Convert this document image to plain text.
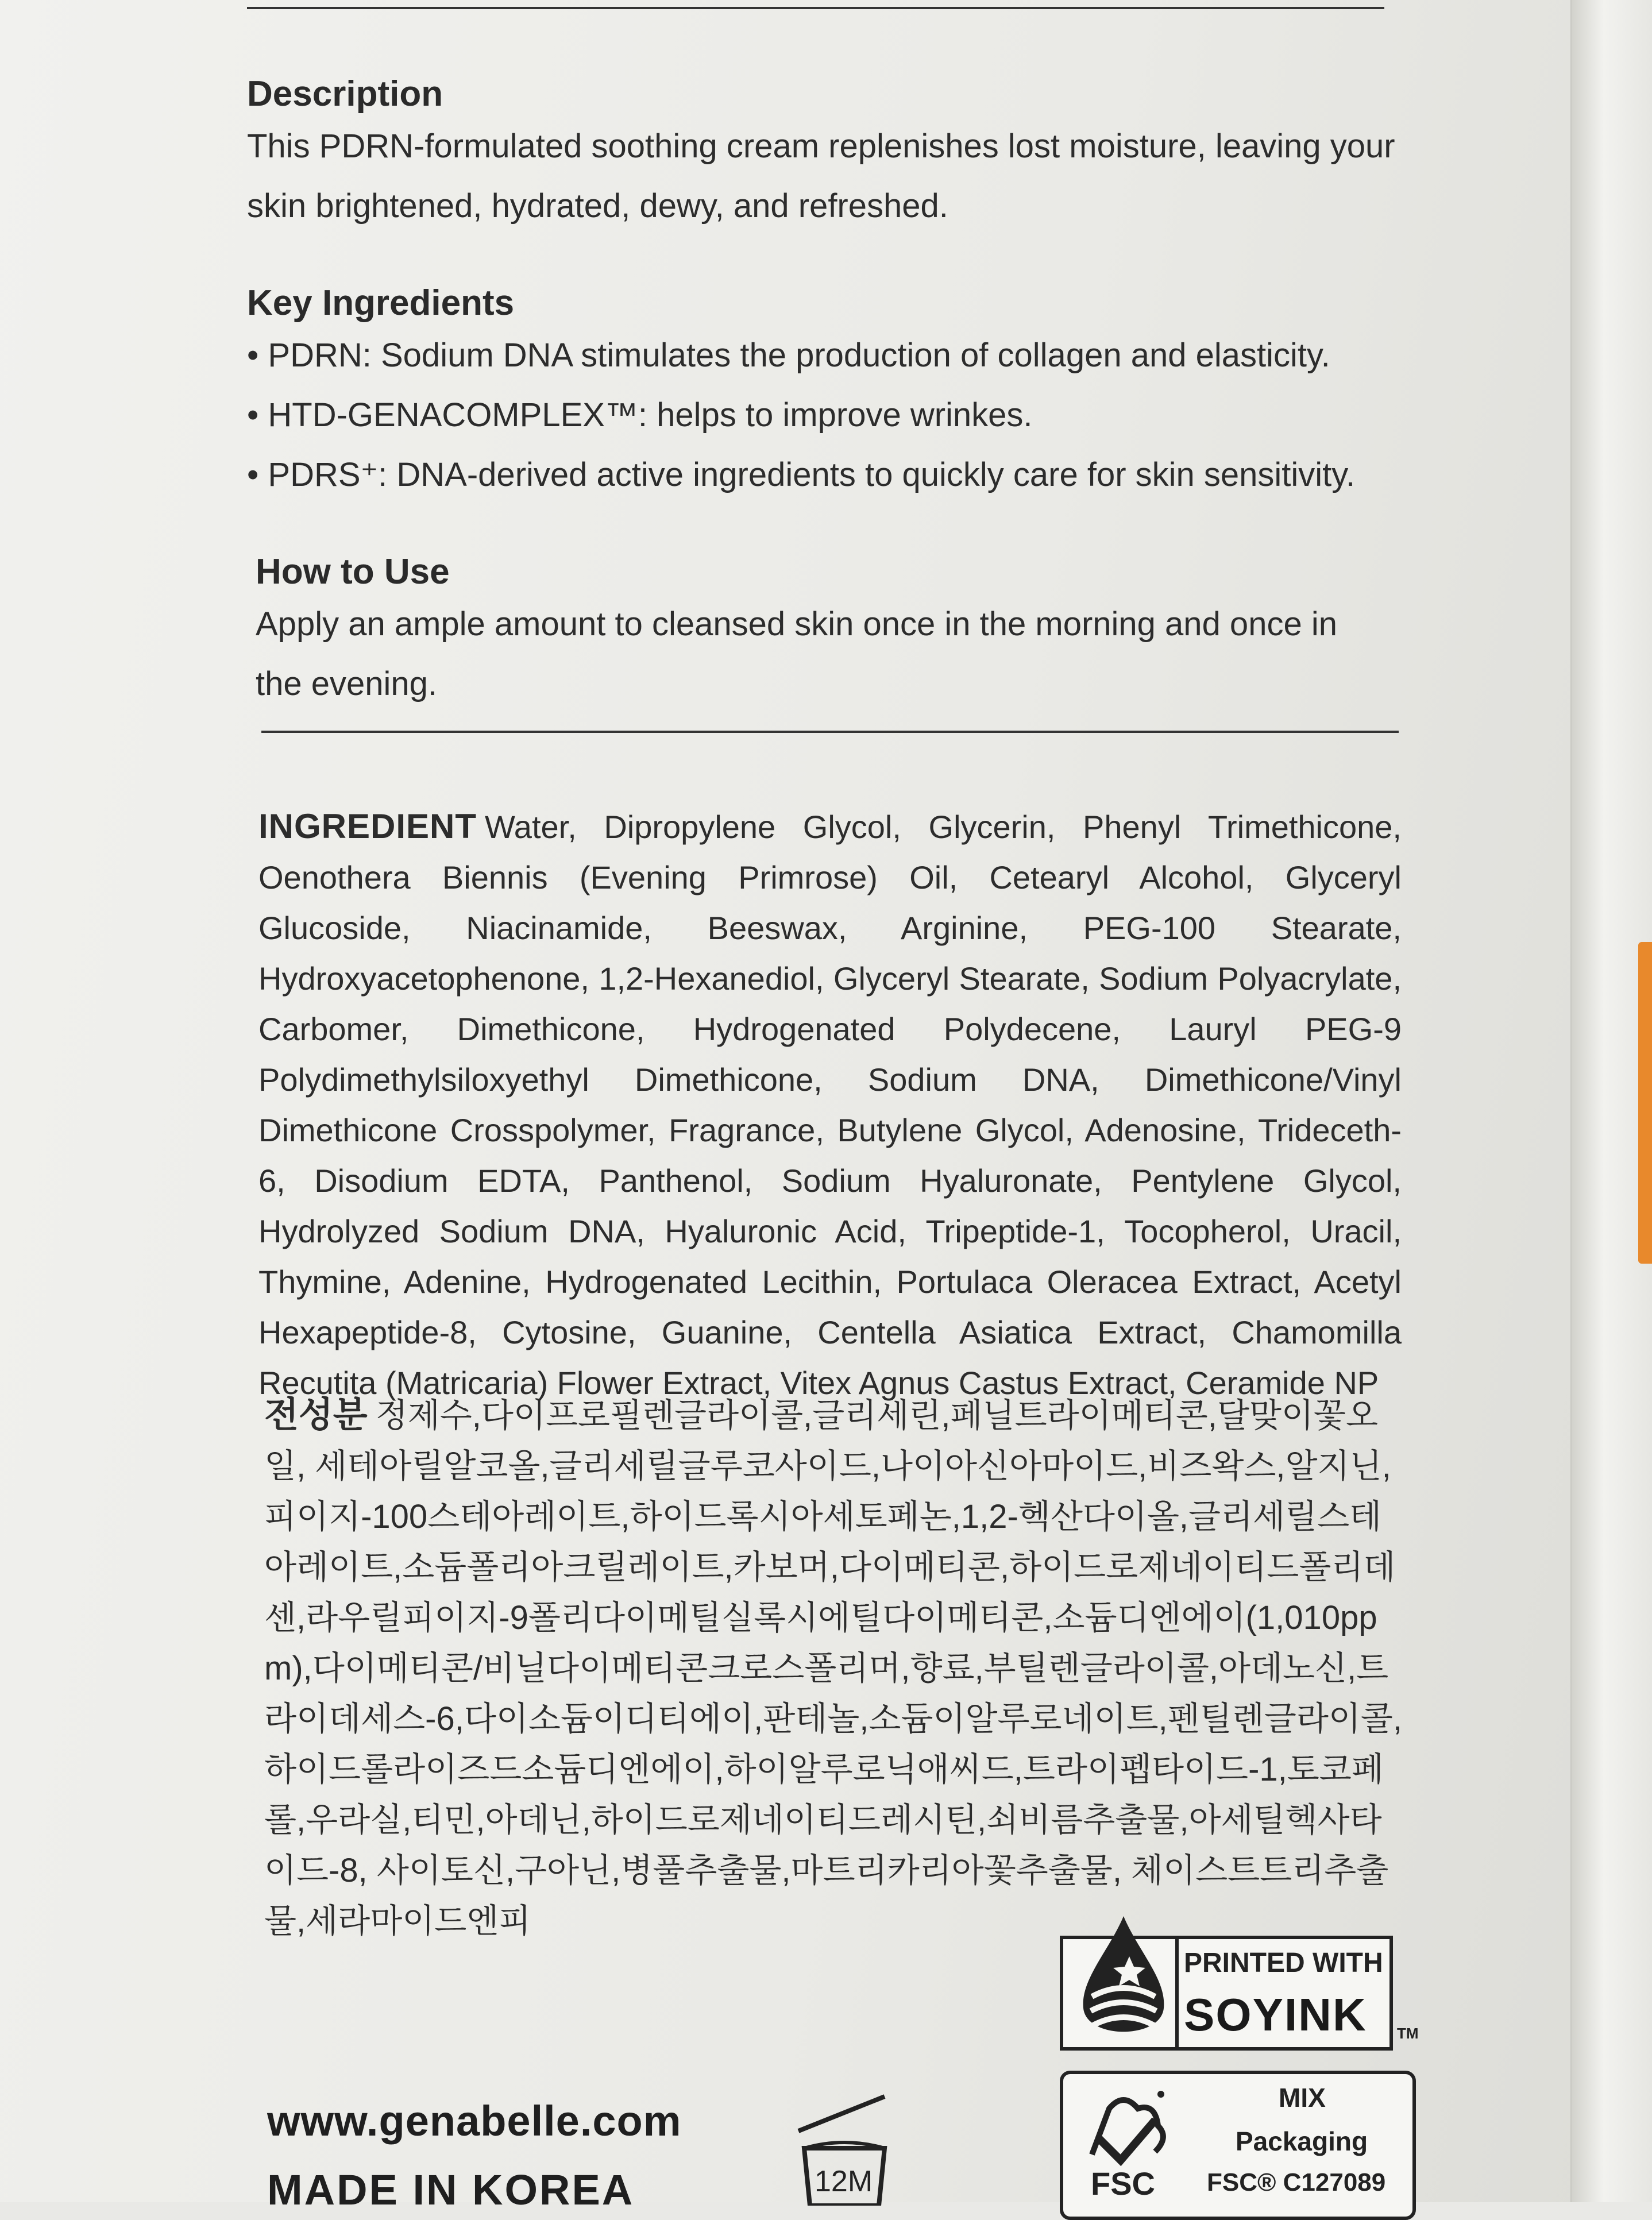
Description

This PDRN-formulated soothing cream replenishes lost moisture, leaving your skin brightened, hydrated, dewy, and refreshed.

Key Ingredients
• PDRN: Sodium DNA stimulates the production of collagen and elasticity.
• HTD-GENACOMPLEX™: helps to improve wrinkes.
• PDRS⁺: DNA-derived active ingredients to quickly care for skin sensitivity.
How to Use

Apply an ample amount to cleansed skin once in the morning and once in the evening.

INGREDIENT Water, Dipropylene Glycol, Glycerin, Phenyl Trimethicone, Oenothera Biennis (Evening Primrose) Oil, Cetearyl Alcohol, Glyceryl Glucoside, Niacinamide, Beeswax, Arginine, PEG-100 Stearate, Hydroxyacetophenone, 1,2-Hexanediol, Glyceryl Stearate, Sodium Polyacrylate, Carbomer, Dimethicone, Hydrogenated Polydecene, Lauryl PEG-9 Polydimethylsiloxyethyl Dimethicone, Sodium DNA, Dimethicone/Vinyl Dimethicone Crosspolymer, Fragrance, Butylene Glycol, Adenosine, Trideceth-6, Disodium EDTA, Panthenol, Sodium Hyaluronate, Pentylene Glycol, Hydrolyzed Sodium DNA, Hyaluronic Acid, Tripeptide-1, Tocopherol, Uracil, Thymine, Adenine, Hydrogenated Lecithin, Portulaca Oleracea Extract, Acetyl Hexapeptide-8, Cytosine, Guanine, Centella Asiatica Extract, Chamomilla Recutita (Matricaria) Flower Extract, Vitex Agnus Castus Extract, Ceramide NP
전성분 정제수,다이프로필렌글라이콜,글리세린,페닐트라이메티콘,달맞이꽃오일, 세테아릴알코올,글리세릴글루코사이드,나이아신아마이드,비즈왁스,알지닌,피이지-100스테아레이트,하이드록시아세토페논,1,2-헥산다이올,글리세릴스테아레이트,소듐폴리아크릴레이트,카보머,다이메티콘,하이드로제네이티드폴리데센,라우릴피이지-9폴리다이메틸실록시에틸다이메티콘,소듐디엔에이(1,010ppm),다이메티콘/비닐다이메티콘크로스폴리머,향료,부틸렌글라이콜,아데노신,트라이데세스-6,다이소듐이디티에이,판테놀,소듐이알루로네이트,펜틸렌글라이콜,하이드롤라이즈드소듐디엔에이,하이알루로닉애씨드,트라이펩타이드-1,토코페롤,우라실,티민,아데닌,하이드로제네이티드레시틴,쇠비름추출물,아세틸헥사타이드-8, 사이토신,구아닌,병풀추출물,마트리카리아꽃추출물, 체이스트트리추출물,세라마이드엔피
PRINTED WITH
SOYINK TM
FSC
MIX
Packaging
FSC® C127089
12M
www.genabelle.com
MADE IN KOREA
